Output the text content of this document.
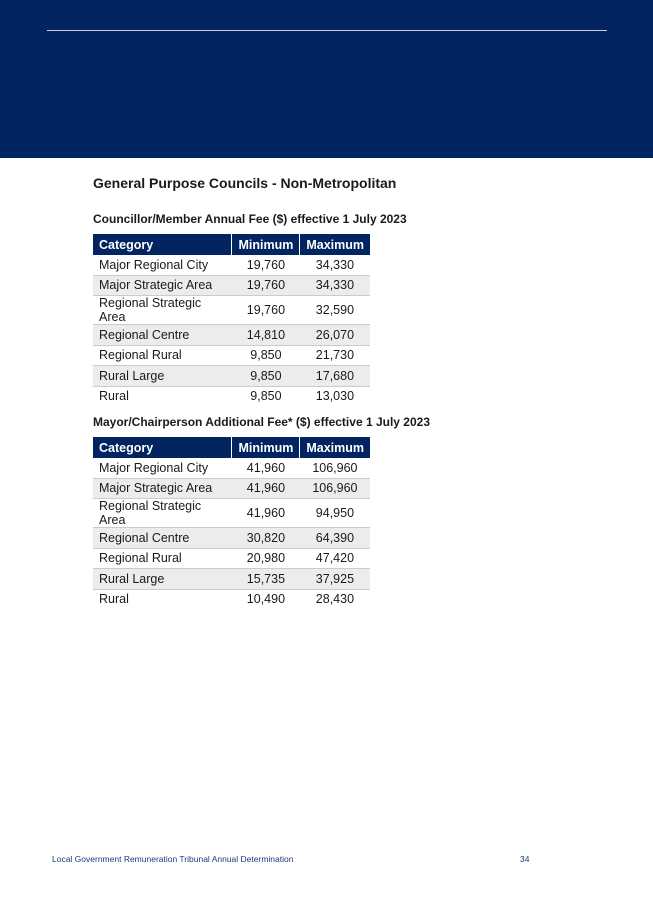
General Purpose Councils - Non-Metropolitan
Councillor/Member Annual Fee ($) effective 1 July 2023
Category	Minimum	Maximum
Major Regional City	19,760	34,330
Major Strategic Area	19,760	34,330
Regional Strategic Area	19,760	32,590
Regional Centre	14,810	26,070
Regional Rural	9,850	21,730
Rural Large	9,850	17,680
Rural	9,850	13,030
Mayor/Chairperson Additional Fee* ($) effective 1 July 2023
Category	Minimum	Maximum
Major Regional City	41,960	106,960
Major Strategic Area	41,960	106,960
Regional Strategic Area	41,960	94,950
Regional Centre	30,820	64,390
Regional Rural	20,980	47,420
Rural Large	15,735	37,925
Rural	10,490	28,430
Local Government Remuneration Tribunal Annual Determination	34
